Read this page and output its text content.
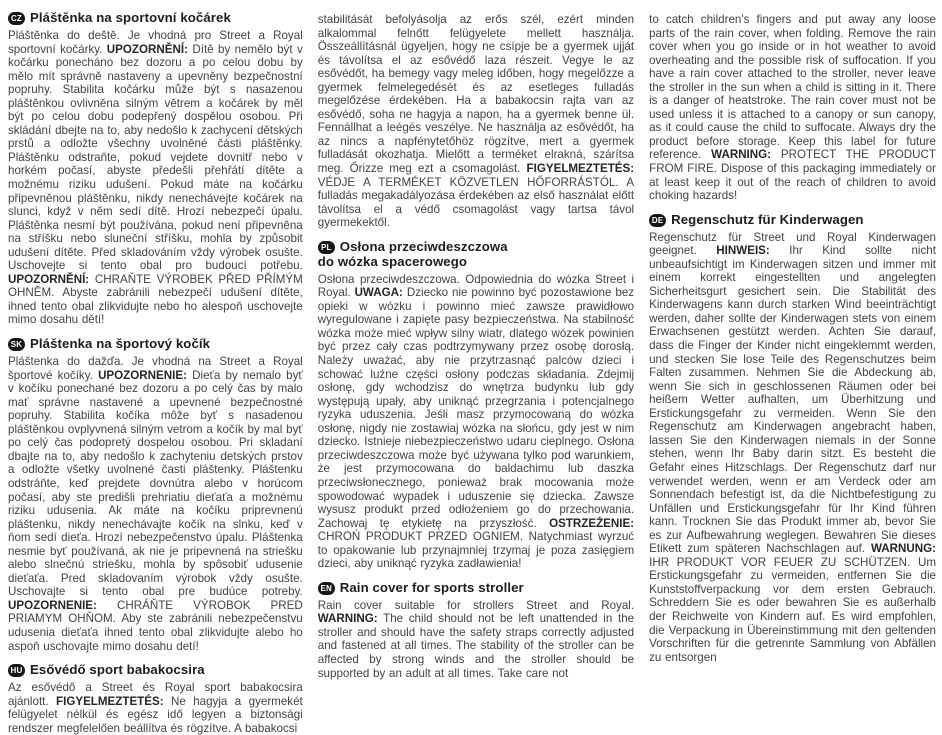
CZ Pláštěnka na sportovní kočárek

Pláštěnka do deště. Je vhodná pro Street a Royal sportovní kočárky. UPOZORNĚNÍ: Dítě by nemělo být v kočárku ponecháno bez dozoru a po celou dobu by mělo mít správně nastaveny a upevněny bezpečnostní popruhy. Stabilita kočárku může být s nasazenou pláštěnkou ovlivněna silným větrem a kočárek by měl být po celou dobu podepřený dospělou osobou. Při skládání dbejte na to, aby nedošlo k zachycení dětských prstů a odložte všechny uvolněné části pláštěnky. Pláštěnku odstraňte, pokud vejdete dovnitř nebo v horkém počasí, abyste předešli přehřátí dítěte a možnému riziku udušení. Pokud máte na kočárku připevněnou pláštěnku, nikdy nenechávejte kočárek na slunci, když v něm sedí dítě. Hrozí nebezpečí úpalu. Pláštěnka nesmí být používána, pokud není připevněna na stříšku nebo sluneční stříšku, mohla by způsobit udušení dítěte. Před skladováním vždy výrobek osušte. Uschovejte si tento obal pro budoucí potřebu. UPOZORNĚNÍ: CHRAŇTE VÝROBEK PŘED PŘÍMÝM OHNĚM. Abyste zabránili nebezpečí udušení dítěte, ihned tento obal zlikvidujte nebo ho alespoň uschovejte mimo dosahu dětí!

SK Pláštenka na športový kočík

Pláštenka do dažďa. Je vhodná na Street a Royal športové kočíky. UPOZORNENIE: Dieťa by nemalo byť v kočíku ponechané bez dozoru a po celý čas by malo mať správne nastavené a upevnené bezpečnostné popruhy. Stabilita kočíka môže byť s nasadenou pláštěnkou ovplyvnená silným vetrom a kočík by mal byť po celý čas podopretý dospelou osobou. Pri skladaní dbajte na to, aby nedošlo k zachyteniu detských prstov a odložte všetky uvolnené časti pláštenky. Pláštenku odstráňte, keď prejdete dovnútra alebo v horúcom počasí, aby ste predišli prehriatiu dieťaťa a možnému riziku udusenia. Ak máte na kočíku priprevnenú pláštenku, nikdy nenechávajte kočík na slnku, keď v ňom sedí dieťa. Hrozí nebezpečenstvo úpalu. Pláštenka nesmie byť používaná, ak nie je pripevnená na striešku alebo slnečnú striešku, mohla by spôsobiť udusenie dieťaťa. Pred skladovaním výrobok vždy osušte. Uschovajte si tento obal pre budúce potreby. UPOZORNENIE: CHRÁŇTE VÝROBOK PRED PRIAMYM OHŇOM. Aby ste zabránili nebezpečenstvu udusenia dieťaťa ihned tento obal zlikvidujte alebo ho aspoň uschovajte mimo dosahu detí!

HU Esővédő sport babakocsira

Az esővédő a Street és Royal sport babakocsira ajánlott. FIGYELMEZTETÉS: Ne hagyja a gyermekét felügyelet nélkül és egész idő legyen a biztonsági rendszer megfelelően beállítva és rögzítve. A babakocsi

stabilitását befolyásolja az erős szél, ezért minden alkalommal felnőtt felügyelete mellett használja. Összeállításnál ügyeljen, hogy ne csípje be a gyermek ujját és távolítsa el az esővédő laza részeit. Vegye le az esővédőt, ha bemegy vagy meleg időben, hogy megelőzze a gyermek felmelegedését és az esetleges fulladás megelőzése érdekében. Ha a babakocsin rajta van az esővédő, soha ne hagyja a napon, ha a gyermek benne ül. Fennállhat a leégés veszélye. Ne használja az esővédőt, ha az nincs a napfénytetőhöz rögzítve, mert a gyermek fulladását okozhatja. Mielőtt a terméket elrakná, szárítsa meg. Őrizze meg ezt a csomagolást. FIGYELMEZTETÉS: VÉDJE A TERMÉKET KÖZVETLEN HŐFORRÁSTÓL. A fulladás megakadályozása érdekében az első használat előtt távolítsa el a védő csomagolást vagy tartsa távol gyermekektől.

PL Osłona przeciwdeszczowa
do wózka spacerowego

Osłona przeciwdeszczowa. Odpowiednia do wózka Street i Royal. UWAGA: Dziecko nie powinno być pozostawione bez opieki w wózku i powinno mieć zawsze prawidłowo wyregulowane i zapięte pasy bezpieczeństwa. Na stabilność wózka może mieć wpływ silny wiatr, dlatego wózek powinien być przez cały czas podtrzymywany przez osobę dorosłą. Należy uważać, aby nie przytrzasnąć palców dzieci i schować luźne części osłony podczas składania. Zdejmij osłonę, gdy wchodzisz do wnętrza budynku lub gdy występują upały, aby uniknąć przegrzania i potencjalnego ryzyka uduszenia. Jeśli masz przymocowaną do wózka osłonę, nigdy nie zostawiaj wózka na słońcu, gdy jest w nim dziecko. Istnieje niebezpieczeństwo udaru cieplnego. Osłona przeciwdeszczowa może być używana tylko pod warunkiem, że jest przymocowana do baldachimu lub daszka przeciwsłonecznego, ponieważ brak mocowania może spowodować wypadek i uduszenie się dziecka. Zawsze wysusz produkt przed odłożeniem go do przechowania. Zachowaj tę etykietę na przyszłość. OSTRZEŻENIE: CHROŃ PRODUKT PRZED OGNIEM. Natychmiast wyrzuć to opakowanie lub przynajmniej trzymaj je poza zasięgiem dzieci, aby uniknąć ryzyka zadławienia!

EN Rain cover for sports stroller

Rain cover suitable for strollers Street and Royal. WARNING: The child should not be left unattended in the stroller and should have the safety straps correctly adjusted and fastened at all times. The stability of the stroller can be affected by strong winds and the stroller should be supported by an adult at all times. Take care not

to catch children's fingers and put away any loose parts of the rain cover, when folding. Remove the rain cover when you go inside or in hot weather to avoid overheating and the possible risk of suffocation. If you have a rain cover attached to the stroller, never leave the stroller in the sun when a child is sitting in it. There is a danger of heatstroke. The rain cover must not be used unless it is attached to a canopy or sun canopy, as it could cause the child to suffocate. Always dry the product before storage. Keep this label for future reference. WARNING: PROTECT THE PRODUCT FROM FIRE. Dispose of this packaging immediately or at least keep it out of the reach of children to avoid choking hazards!

DE Regenschutz für Kinderwagen

Regenschutz für Street und Royal Kinderwagen geeignet. HINWEIS: Ihr Kind sollte nicht unbeaufsichtigt im Kinderwagen sitzen und immer mit einem korrekt eingestellten und angelegten Sicherheitsgurt gesichert sein. Die Stabilität des Kinderwagens kann durch starken Wind beeinträchtigt werden, daher sollte der Kinderwagen stets von einem Erwachsenen gestützt werden. Achten Sie darauf, dass die Finger der Kinder nicht eingeklemmt werden, und stecken Sie lose Teile des Regenschutzes beim Falten zusammen. Nehmen Sie die Abdeckung ab, wenn Sie sich in geschlossenen Räumen oder bei heißem Wetter aufhalten, um Überhitzung und Erstickungsgefahr zu vermeiden. Wenn Sie den Regenschutz am Kinderwagen angebracht haben, lassen Sie den Kinderwagen niemals in der Sonne stehen, wenn Ihr Baby darin sitzt. Es besteht die Gefahr eines Hitzschlags. Der Regenschutz darf nur verwendet werden, wenn er am Verdeck oder am Sonnendach befestigt ist, da die Nichtbefestigung zu Unfällen und Erstickungsgefahr für Ihr Kind führen kann. Trocknen Sie das Produkt immer ab, bevor Sie es zur Aufbewahrung weglegen. Bewahren Sie dieses Etikett zum späteren Nachschlagen auf. WARNUNG: IHR PRODUKT VOR FEUER ZU SCHÜTZEN. Um Erstickungsgefahr zu vermeiden, entfernen Sie die Kunststoffverpackung vor dem ersten Gebrauch. Schreddern Sie es oder bewahren Sie es außerhalb der Reichweite von Kindern auf. Es wird empfohlen, die Verpackung in Übereinstimmung mit den geltenden Vorschriften für die getrennte Sammlung von Abfällen zu entsorgen
